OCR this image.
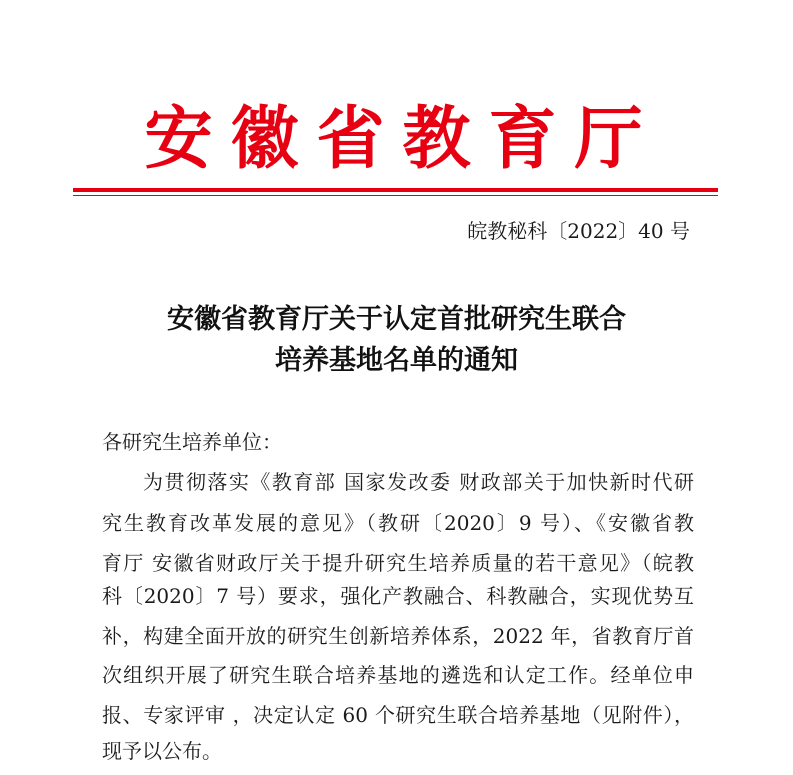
安徽省教育厅
皖教秘科〔2022〕40 号
安徽省教育厅关于认定首批研究生联合
培养基地名单的通知
各研究生培养单位：
为贯彻落实《教育部 国家发改委 财政部关于加快新时代研
究生教育改革发展的意见》（教研〔2020〕9 号）、《安徽省教
育厅 安徽省财政厅关于提升研究生培养质量的若干意见》（皖教
科〔2020〕7 号）要求，强化产教融合、科教融合，实现优势互
补，构建全面开放的研究生创新培养体系，2022 年，省教育厅首
次组织开展了研究生联合培养基地的遴选和认定工作。经单位申
报、专家评审 ，决定认定 60 个研究生联合培养基地（见附件），
现予以公布。
